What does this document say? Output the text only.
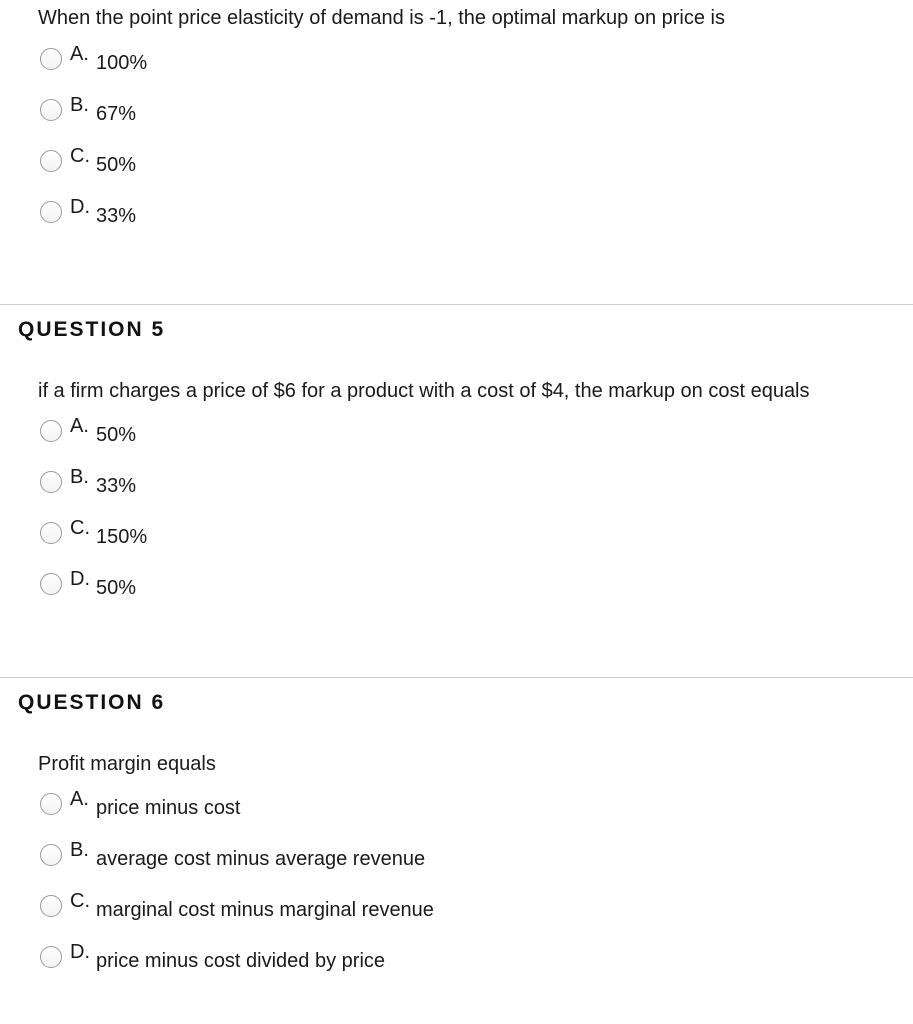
When the point price elasticity of demand is -1, the optimal markup on price is
A. 100%
B. 67%
C. 50%
D. 33%
QUESTION 5
if a firm charges a price of $6 for a product with a cost of $4, the markup on cost equals
A. 50%
B. 33%
C. 150%
D. 50%
QUESTION 6
Profit margin equals
A. price minus cost
B. average cost minus average revenue
C. marginal cost minus marginal revenue
D. price minus cost divided by price
